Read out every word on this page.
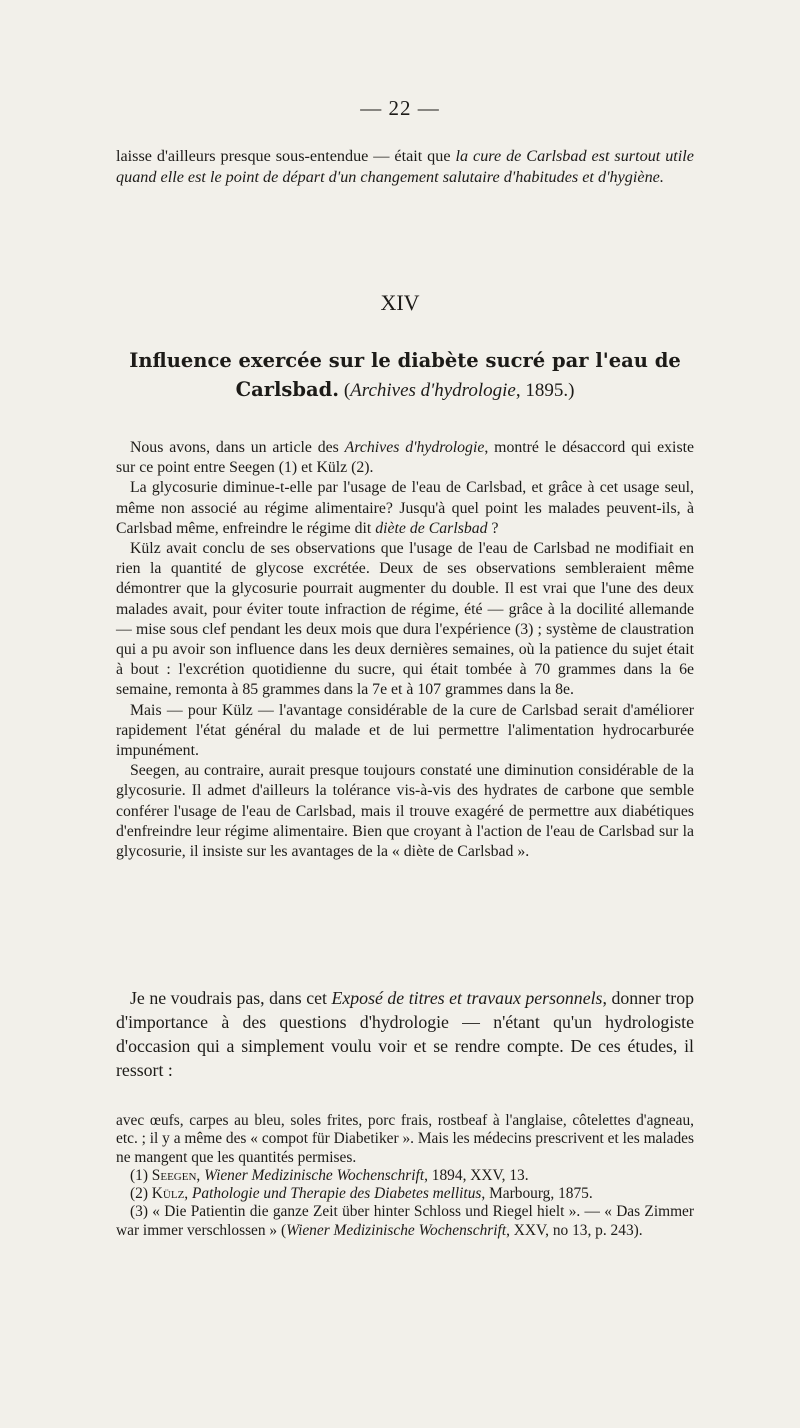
— 22 —

laisse d'ailleurs presque sous-entendue — était que la cure de Carlsbad est surtout utile quand elle est le point de départ d'un changement salutaire d'habitudes et d'hygiène.

XIV
Influence exercée sur le diabète sucré par l'eau de Carlsbad. (Archives d'hydrologie, 1895.)

Nous avons, dans un article des Archives d'hydrologie, montré le désaccord qui existe sur ce point entre Seegen (1) et Külz (2).

La glycosurie diminue-t-elle par l'usage de l'eau de Carlsbad, et grâce à cet usage seul, même non associé au régime alimentaire? Jusqu'à quel point les malades peuvent-ils, à Carlsbad même, enfreindre le régime dit diète de Carlsbad ?

Külz avait conclu de ses observations que l'usage de l'eau de Carlsbad ne modifiait en rien la quantité de glycose excrétée. Deux de ses observations sembleraient même démontrer que la glycosurie pourrait augmenter du double. Il est vrai que l'une des deux malades avait, pour éviter toute infraction de régime, été — grâce à la docilité allemande — mise sous clef pendant les deux mois que dura l'expérience (3) ; système de claustration qui a pu avoir son influence dans les deux dernières semaines, où la patience du sujet était à bout : l'excrétion quotidienne du sucre, qui était tombée à 70 grammes dans la 6e semaine, remonta à 85 grammes dans la 7e et à 107 grammes dans la 8e.

Mais — pour Külz — l'avantage considérable de la cure de Carlsbad serait d'améliorer rapidement l'état général du malade et de lui permettre l'alimentation hydrocarburée impunément.

Seegen, au contraire, aurait presque toujours constaté une diminution considérable de la glycosurie. Il admet d'ailleurs la tolérance vis-à-vis des hydrates de carbone que semble conférer l'usage de l'eau de Carlsbad, mais il trouve exagéré de permettre aux diabétiques d'enfreindre leur régime alimentaire. Bien que croyant à l'action de l'eau de Carlsbad sur la glycosurie, il insiste sur les avantages de la « diète de Carlsbad ».

Je ne voudrais pas, dans cet Exposé de titres et travaux personnels, donner trop d'importance à des questions d'hydrologie — n'étant qu'un hydrologiste d'occasion qui a simplement voulu voir et se rendre compte. De ces études, il ressort :

avec œufs, carpes au bleu, soles frites, porc frais, rostbeaf à l'anglaise, côtelettes d'agneau, etc. ; il y a même des « compot für Diabetiker ». Mais les médecins prescrivent et les malades ne mangent que les quantités permises.

(1) Seegen, Wiener Medizinische Wochenschrift, 1894, XXV, 13.

(2) Külz, Pathologie und Therapie des Diabetes mellitus, Marbourg, 1875.

(3) « Die Patientin die ganze Zeit über hinter Schloss und Riegel hielt ». — « Das Zimmer war immer verschlossen » (Wiener Medizinische Wochenschrift, XXV, no 13, p. 243).
